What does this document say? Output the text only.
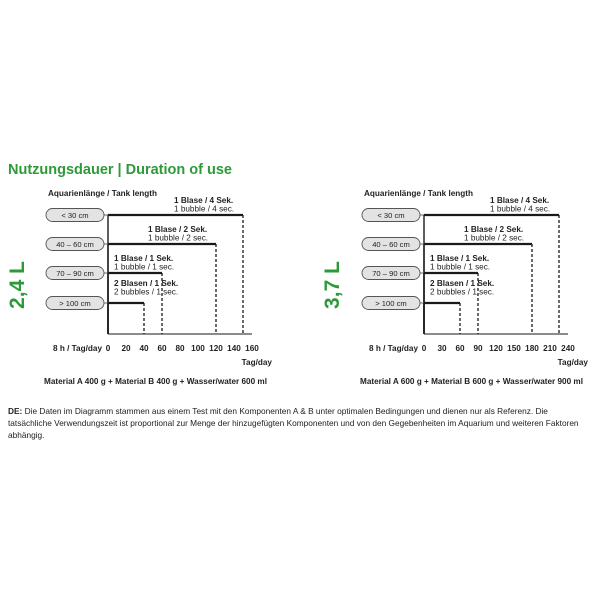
Nutzungsdauer | Duration of use
2,4 L
Aquarienlänge / Tank length
< 30 cm
1 Blase / 4 Sek.
1 bubble / 4 sec.
40 – 60 cm
1 Blase / 2 Sek.
1 bubble / 2 sec.
70 – 90 cm
1 Blase / 1 Sek.
1 bubble / 1 sec.
> 100 cm
2 Blasen / 1 Sek.
2 bubbles / 1 sec.
8 h / Tag/day 0 20 40 60 80 100 120 140 160
Tag/day
Material A 400 g + Material B 400 g + Wasser/water 600 ml
3,7 L
Aquarienlänge / Tank length
< 30 cm
1 Blase / 4 Sek.
1 bubble / 4 sec.
40 – 60 cm
1 Blase / 2 Sek.
1 bubble / 2 sec.
70 – 90 cm
1 Blase / 1 Sek.
1 bubble / 1 sec.
> 100 cm
2 Blasen / 1 Sek.
2 bubbles / 1 sec.
8 h / Tag/day 0 30 60 90 120 150 180 210 240
Tag/day
Material A 600 g + Material B 600 g + Wasser/water 900 ml

DE: Die Daten im Diagramm stammen aus einem Test mit den Komponenten A & B unter optimalen Bedingungen und dienen nur als Referenz. Die tatsächliche Verwendungszeit ist proportional zur Menge der hinzugefügten Komponenten und von den Gegebenheiten im Aquarium und weiteren Faktoren abhängig.
